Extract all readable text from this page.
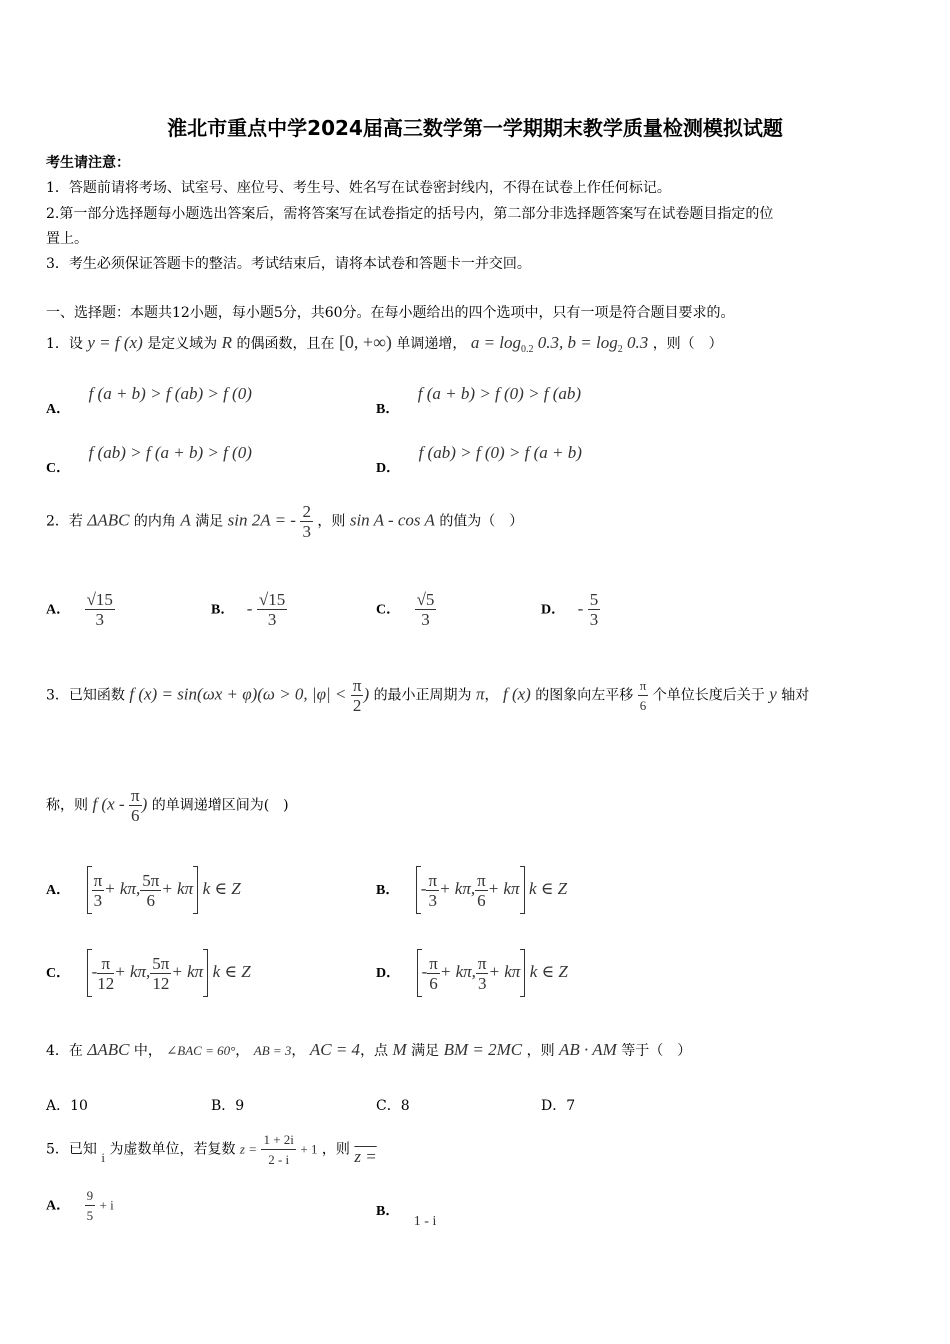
淮北市重点中学2024届高三数学第一学期期末教学质量检测模拟试题
考生请注意：
1．答题前请将考场、试室号、座位号、考生号、姓名写在试卷密封线内，不得在试卷上作任何标记。
2.第一部分选择题每小题选出答案后，需将答案写在试卷指定的括号内，第二部分非选择题答案写在试卷题目指定的位
置上。
3．考生必须保证答题卡的整洁。考试结束后，请将本试卷和答题卡一并交回。
一、选择题：本题共12小题，每小题5分，共60分。在每小题给出的四个选项中，只有一项是符合题目要求的。
1．设 y = f (x) 是定义域为 R 的偶函数，且在 [0, +∞) 单调递增， $a = \log_{0.2} 0.3$, $b = \log_2 0.3$ ，则（　）
A． f (a + b) > f (ab) > f (0)
B． f (a + b) > f (0) > f (ab)
C． f (ab) > f (a + b) > f (0)
D． f (ab) > f (0) > f (a + b)
2．若 ΔABC 的内角 A 满足 sin 2A = - $\frac{2}{3}$ ，则 sin A - cos A 的值为（　）
A． $\frac{√15}{3}$	B． - $\frac{√15}{3}$	C． $\frac{√5}{3}$	D． - $\frac{5}{3}$
3．已知函数 f (x) = sin(ωx + φ)(ω > 0, $|\varphi| < \frac{\pi}{2}$ ) 的最小正周期为 π， f (x) 的图象向左平移 $\frac{\pi}{6}$ 个单位长度后关于 y 轴对
称，则 f ($x - \frac{\pi}{6}$ ) 的单调递增区间为(　)
A． $\frac{\pi}{3} + k\pi$, $\frac{5\pi}{6} + k\pi$ k ∈ Z	B． - $\frac{\pi}{3} + k\pi$, $\frac{\pi}{6} + k\pi$ k ∈ Z
C． - $\frac{\pi}{12} + k\pi$, $\frac{5\pi}{12} + k\pi$ k ∈ Z	D． - $\frac{\pi}{6} + k\pi$, $\frac{\pi}{3} + k\pi$ k ∈ Z
4．在 ΔABC 中， ∠BAC = 60°， AB = 3， AC = 4，点 M 满足 BM = 2MC ，则 AB · AM 等于（　）
A．10	B．9	C．8	D．7
5．已知 i 为虚数单位，若复数 $z = \frac{1 + 2i}{2 - i} + 1$ ，则 z =
A． $\frac{9}{5} + i$	B． 1 - i
